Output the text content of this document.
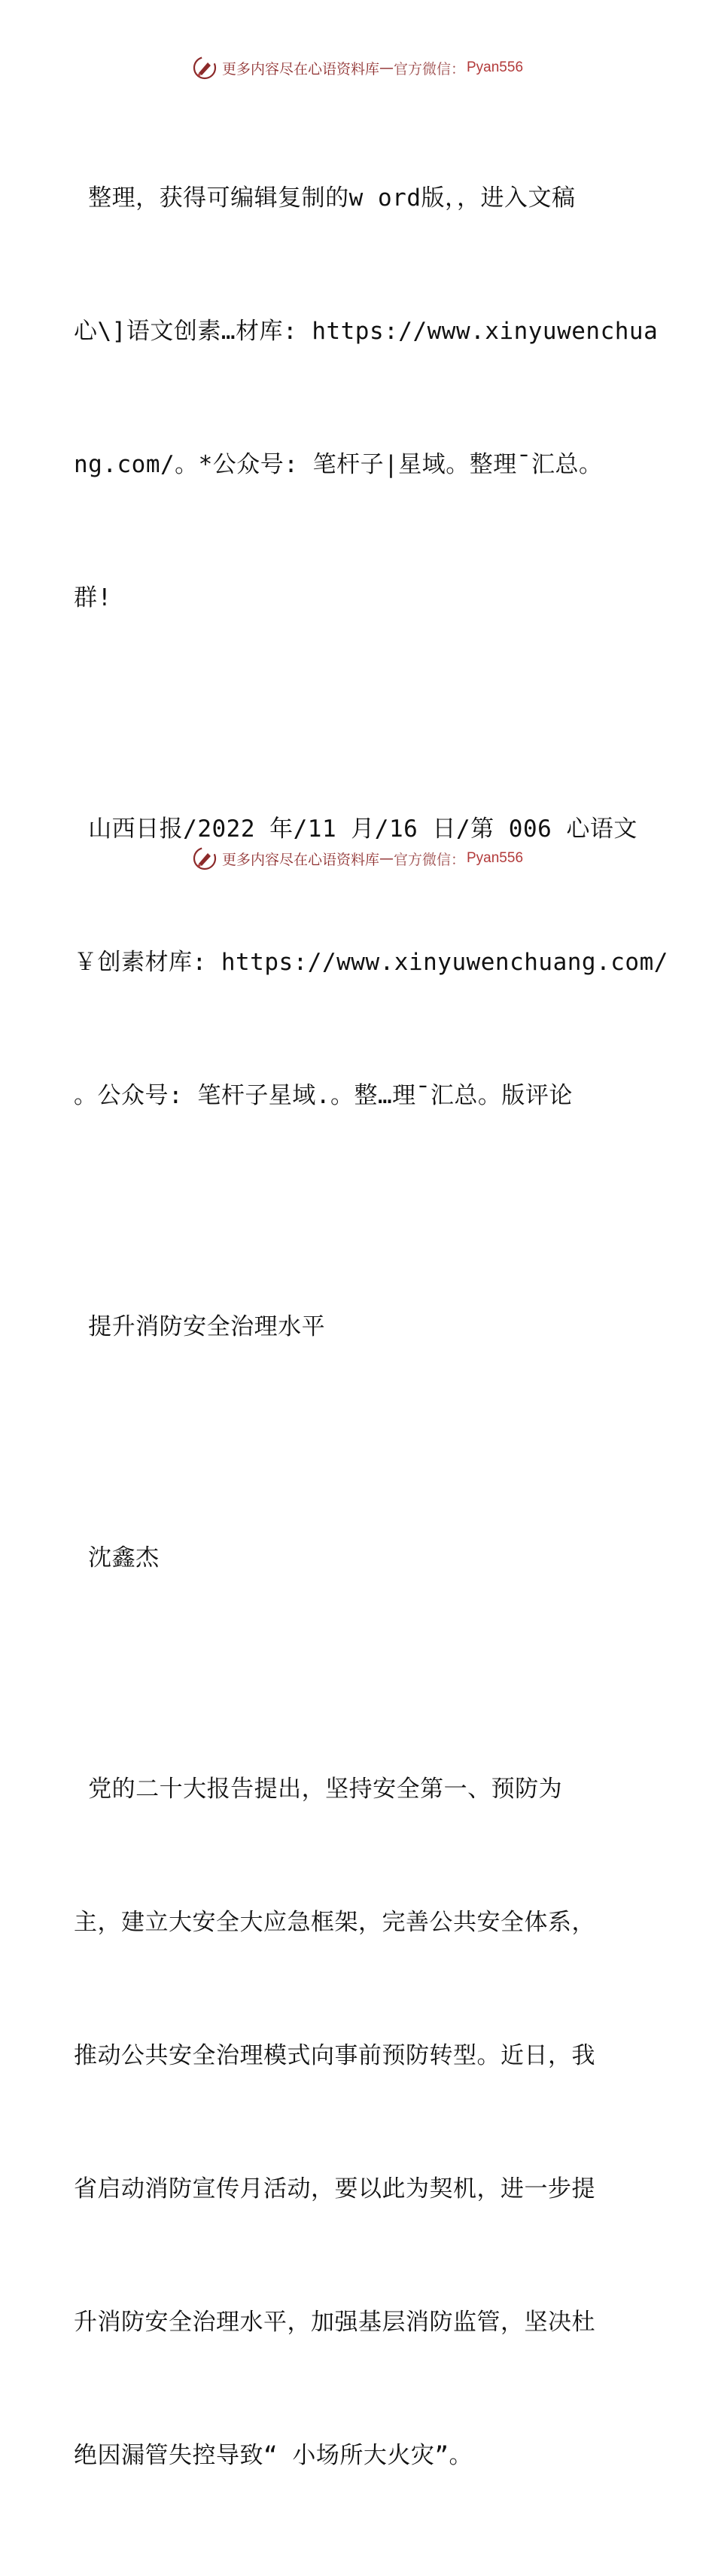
更多内容尽在心语资料库 — 官方微信： Pyan556

整理，获得可编辑复制的w ord版，，进入文稿

心\]语文创素…材库: https://www.xinyuwenchua

ng.com/。*公众号: 笔杆子|星域。整理¯汇总。

群!

山西日报/2022 年/11 月/16 日/第 006 心语文

￥创素材库: https://www.xinyuwenchuang.com/

。公众号: 笔杆子星域.。整…理¯汇总。版评论

提升消防安全治理水平

沈鑫杰

党的二十大报告提出，坚持安全第一、预防为

主，建立大安全大应急框架，完善公共安全体系，

推动公共安全治理模式向事前预防转型。近日，我

省启动消防宣传月活动，要以此为契机，进一步提

升消防安全治理水平，加强基层消防监管，坚决杜

绝因漏管失控导致“ 小场所大火灾”。

更多内容尽在心语资料库 — 官方微信： Pyan556
